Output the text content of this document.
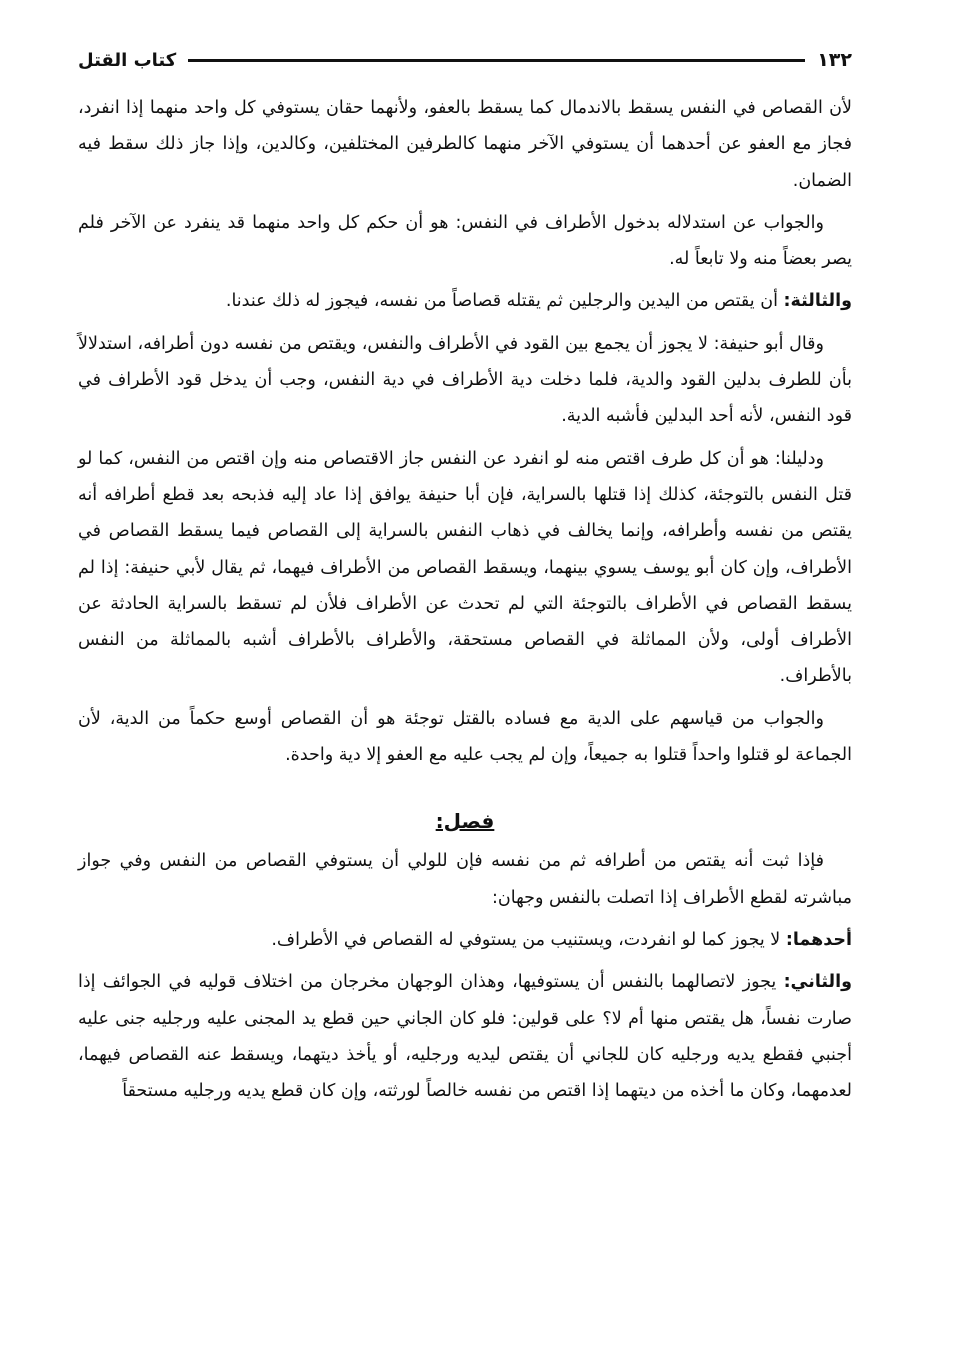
١٣٢
كتاب القتل

لأن القصاص في النفس يسقط بالاندمال كما يسقط بالعفو، ولأنهما حقان يستوفي كل واحد منهما إذا انفرد، فجاز مع العفو عن أحدهما أن يستوفي الآخر منهما كالطرفين المختلفين، وكالدين، وإذا جاز ذلك سقط فيه الضمان.

والجواب عن استدلاله بدخول الأطراف في النفس: هو أن حكم كل واحد منهما قد ينفرد عن الآخر فلم يصر بعضاً منه ولا تابعاً له.

والثالثة: أن يقتص من اليدين والرجلين ثم يقتله قصاصاً من نفسه، فيجوز له ذلك عندنا.

وقال أبو حنيفة: لا يجوز أن يجمع بين القود في الأطراف والنفس، ويقتص من نفسه دون أطرافه، استدلالاً بأن للطرف بدلين القود والدية، فلما دخلت دية الأطراف في دية النفس، وجب أن يدخل قود الأطراف في قود النفس، لأنه أحد البدلين فأشبه الدية.

ودليلنا: هو أن كل طرف اقتص منه لو انفرد عن النفس جاز الاقتصاص منه وإن اقتص من النفس، كما لو قتل النفس بالتوجئة، كذلك إذا قتلها بالسراية، فإن أبا حنيفة يوافق إذا عاد إليه فذبحه بعد قطع أطرافه أنه يقتص من نفسه وأطرافه، وإنما يخالف في ذهاب النفس بالسراية إلى القصاص فيما يسقط القصاص في الأطراف، وإن كان أبو يوسف يسوي بينهما، ويسقط القصاص من الأطراف فيهما، ثم يقال لأبي حنيفة: إذا لم يسقط القصاص في الأطراف بالتوجئة التي لم تحدث عن الأطراف فلأن لم تسقط بالسراية الحادثة عن الأطراف أولى، ولأن المماثلة في القصاص مستحقة، والأطراف بالأطراف أشبه بالمماثلة من النفس بالأطراف.

والجواب من قياسهم على الدية مع فساده بالقتل توجئة هو أن القصاص أوسع حكماً من الدية، لأن الجماعة لو قتلوا واحداً قتلوا به جميعاً، وإن لم يجب عليه مع العفو إلا دية واحدة.

فصل:

فإذا ثبت أنه يقتص من أطرافه ثم من نفسه فإن للولي أن يستوفي القصاص من النفس وفي جواز مباشرته لقطع الأطراف إذا اتصلت بالنفس وجهان:

أحدهما: لا يجوز كما لو انفردت، ويستنيب من يستوفي له القصاص في الأطراف.

والثاني: يجوز لاتصالهما بالنفس أن يستوفيها، وهذان الوجهان مخرجان من اختلاف قوليه في الجوائف إذا صارت نفساً، هل يقتص منها أم لا؟ على قولين: فلو كان الجاني حين قطع يد المجنى عليه ورجليه جنى عليه أجنبي فقطع يديه ورجليه كان للجاني أن يقتص ليديه ورجليه، أو يأخذ ديتهما، ويسقط عنه القصاص فيهما، لعدمهما، وكان ما أخذه من ديتهما إذا اقتص من نفسه خالصاً لورثته، وإن كان قطع يديه ورجليه مستحقاً
